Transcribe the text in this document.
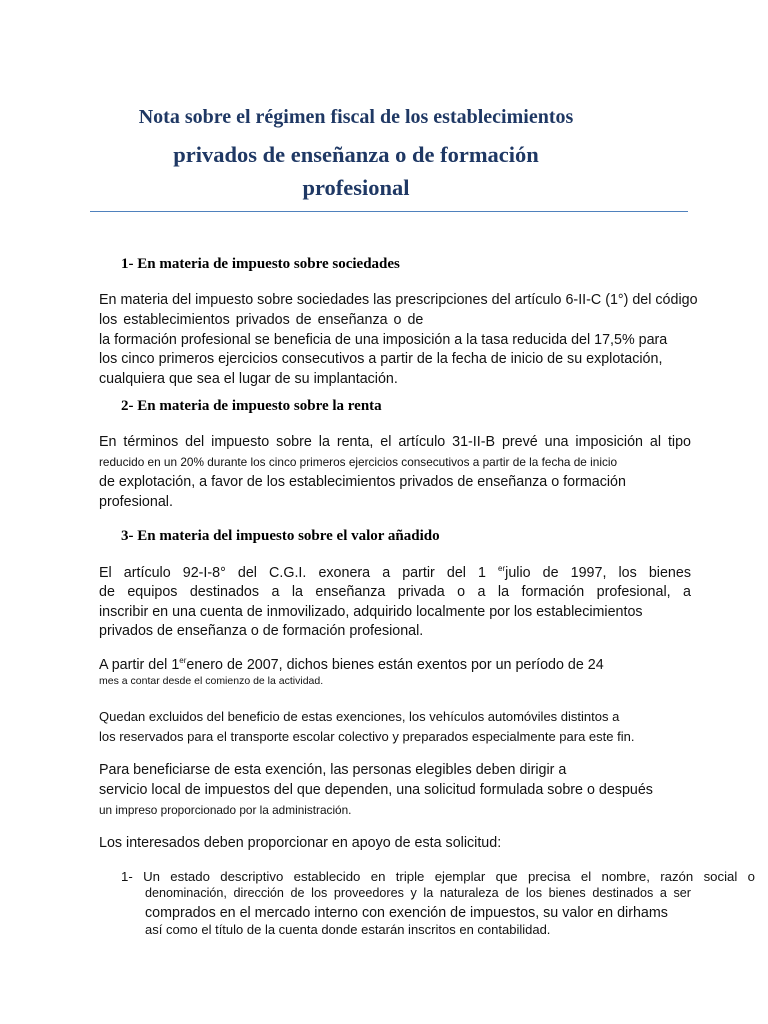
Nota sobre el régimen fiscal de los establecimientos
privados de enseñanza o de formación
profesional
1- En materia de impuesto sobre sociedades
En materia del impuesto sobre sociedades las prescripciones del artículo 6-II-C (1°) del código
los establecimientos privados de enseñanza o de
la formación profesional se beneficia de una imposición a la tasa reducida del 17,5% para
los cinco primeros ejercicios consecutivos a partir de la fecha de inicio de su explotación,
cualquiera que sea el lugar de su implantación.
2- En materia de impuesto sobre la renta
En términos del impuesto sobre la renta, el artículo 31-II-B prevé una imposición al tipo
reducido en un 20% durante los cinco primeros ejercicios consecutivos a partir de la fecha de inicio
de explotación, a favor de los establecimientos privados de enseñanza o formación
profesional.
3- En materia del impuesto sobre el valor añadido
El artículo 92-I-8° del C.G.I. exonera a partir del 1 $^{er}$julio de 1997, los bienes
de equipos destinados a la enseñanza privada o a la formación profesional, a
inscribir en una cuenta de inmovilizado, adquirido localmente por los establecimientos
privados de enseñanza o de formación profesional.
A partir del 1erenero de 2007, dichos bienes están exentos por un período de 24
mes a contar desde el comienzo de la actividad.
Quedan excluidos del beneficio de estas exenciones, los vehículos automóviles distintos a
los reservados para el transporte escolar colectivo y preparados especialmente para este fin.
Para beneficiarse de esta exención, las personas elegibles deben dirigir a
servicio local de impuestos del que dependen, una solicitud formulada sobre o después
un impreso proporcionado por la administración.
Los interesados deben proporcionar en apoyo de esta solicitud:
1- Un estado descriptivo establecido en triple ejemplar que precisa el nombre, razón social o
denominación, dirección de los proveedores y la naturaleza de los bienes destinados a ser
comprados en el mercado interno con exención de impuestos, su valor en dirhams
así como el título de la cuenta donde estarán inscritos en contabilidad.
